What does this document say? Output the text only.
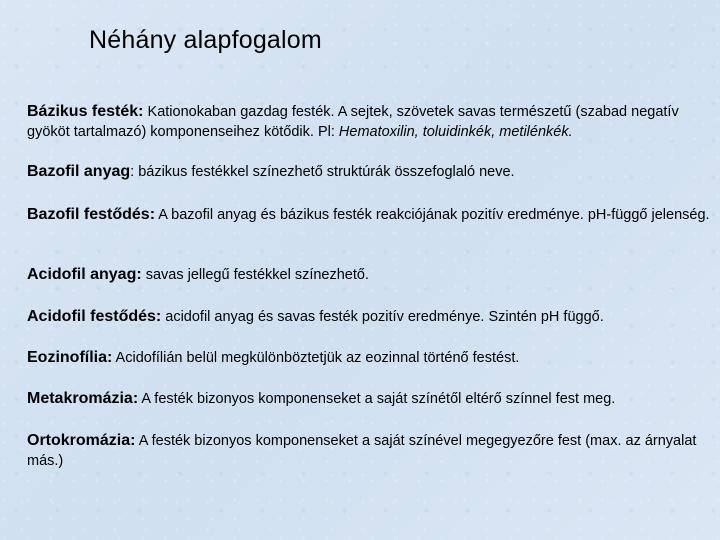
Néhány alapfogalom

Bázikus festék: Kationokaban gazdag festék. A sejtek, szövetek savas természetű (szabad negatív gyököt tartalmazó) komponenseihez kötődik. Pl: Hematoxilin, toluidinkék, metilénkék.

Bazofil anyag: bázikus festékkel színezhető struktúrák összefoglaló neve.

Bazofil festődés: A bazofil anyag és bázikus festék reakciójának pozitív eredménye. pH-függő jelenség.

Acidofil anyag: savas jellegű festékkel színezhető.

Acidofil festődés: acidofil anyag és savas festék pozitív eredménye. Szintén pH függő.

Eozinofília: Acidofílián belül megkülönböztetjük az eozinnal történő festést.

Metakromázia: A festék bizonyos komponenseket a saját színétől eltérő színnel fest meg.

Ortokromázia: A festék bizonyos komponenseket a saját színével megegyezőre fest (max. az árnyalat más.)
